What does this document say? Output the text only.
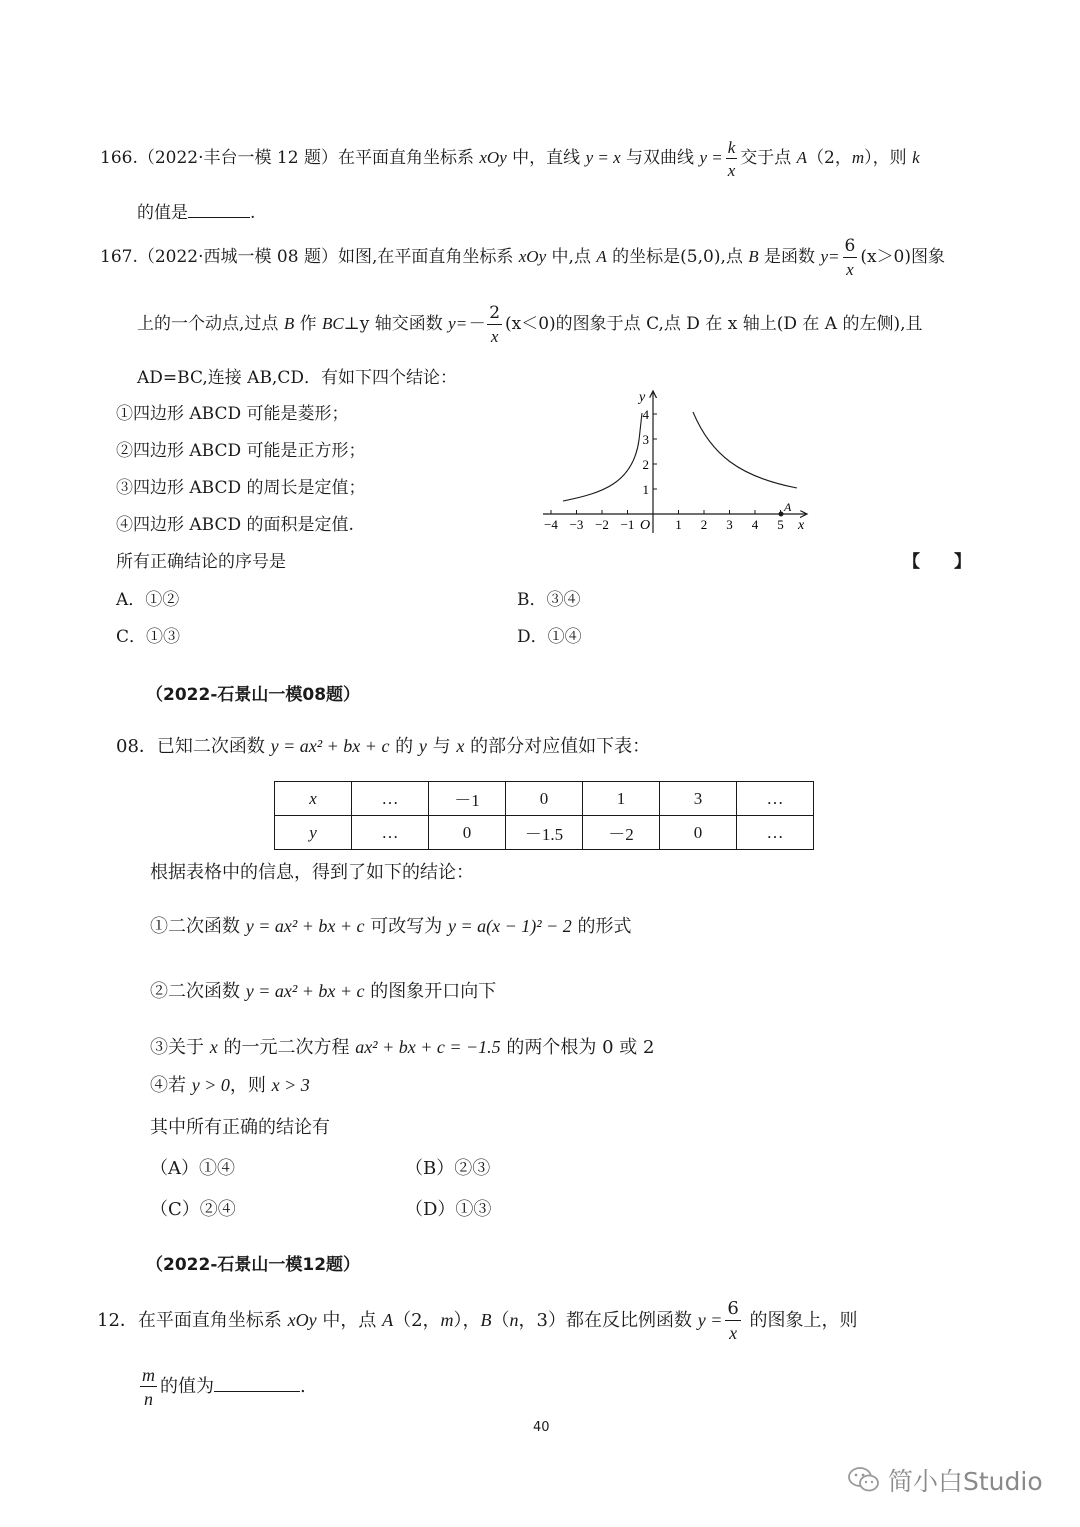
166.（2022·丰台一模 12 题）在平面直角坐标系 xOy 中，直线 y = x 与双曲线 $y = \frac{k}{x}$ 交于点 A（2，m），则 k
的值是	.
167.（2022·西城一模 08 题）如图,在平面直角坐标系 xOy 中,点 A 的坐标是(5,0),点 B 是函数 $y= \frac{6}{x} (x>0)$图象
上的一个动点,过点 B 作 BC⊥y 轴交函数 $y=- \frac{2}{x} (x<0)$的图象于点 C,点 D 在 x 轴上(D 在 A 的左侧),且
AD=BC,连接 AB,CD．有如下四个结论：
①四边形 ABCD 可能是菱形；
②四边形 ABCD 可能是正方形；
③四边形 ABCD 的周长是定值；
④四边形 ABCD 的面积是定值.
所有正确结论的序号是	【　　】
A．①②	B．③④
C．①③	D．①④
−4 −3 −2 −1	1 2 3 4 5
1
2
3
4
y
x
O
A
（2022-石景山一模08题）
08．已知二次函数 y = ax² + bx + c 的 y 与 x 的部分对应值如下表：
x	…	－1	0	1	3	…
y	…	0	－1.5	－2	0	…
根据表格中的信息，得到了如下的结论：
①二次函数 y = ax² + bx + c 可改写为 y = a(x − 1)² − 2 的形式
②二次函数 y = ax² + bx + c 的图象开口向下
③关于 x 的一元二次方程 ax² + bx + c = −1.5 的两个根为 0 或 2
④若 y > 0，则 x > 3
其中所有正确的结论有
（A）①④	（B）②③
（C）②④	（D）①③
（2022-石景山一模12题）
12．在平面直角坐标系 xOy 中，点 A（2，m），B（n，3）都在反比例函数 $y = \frac{6}{x}$ 的图象上，则
$\frac{m}{n}$ 的值为	.
40
简小白Studio
